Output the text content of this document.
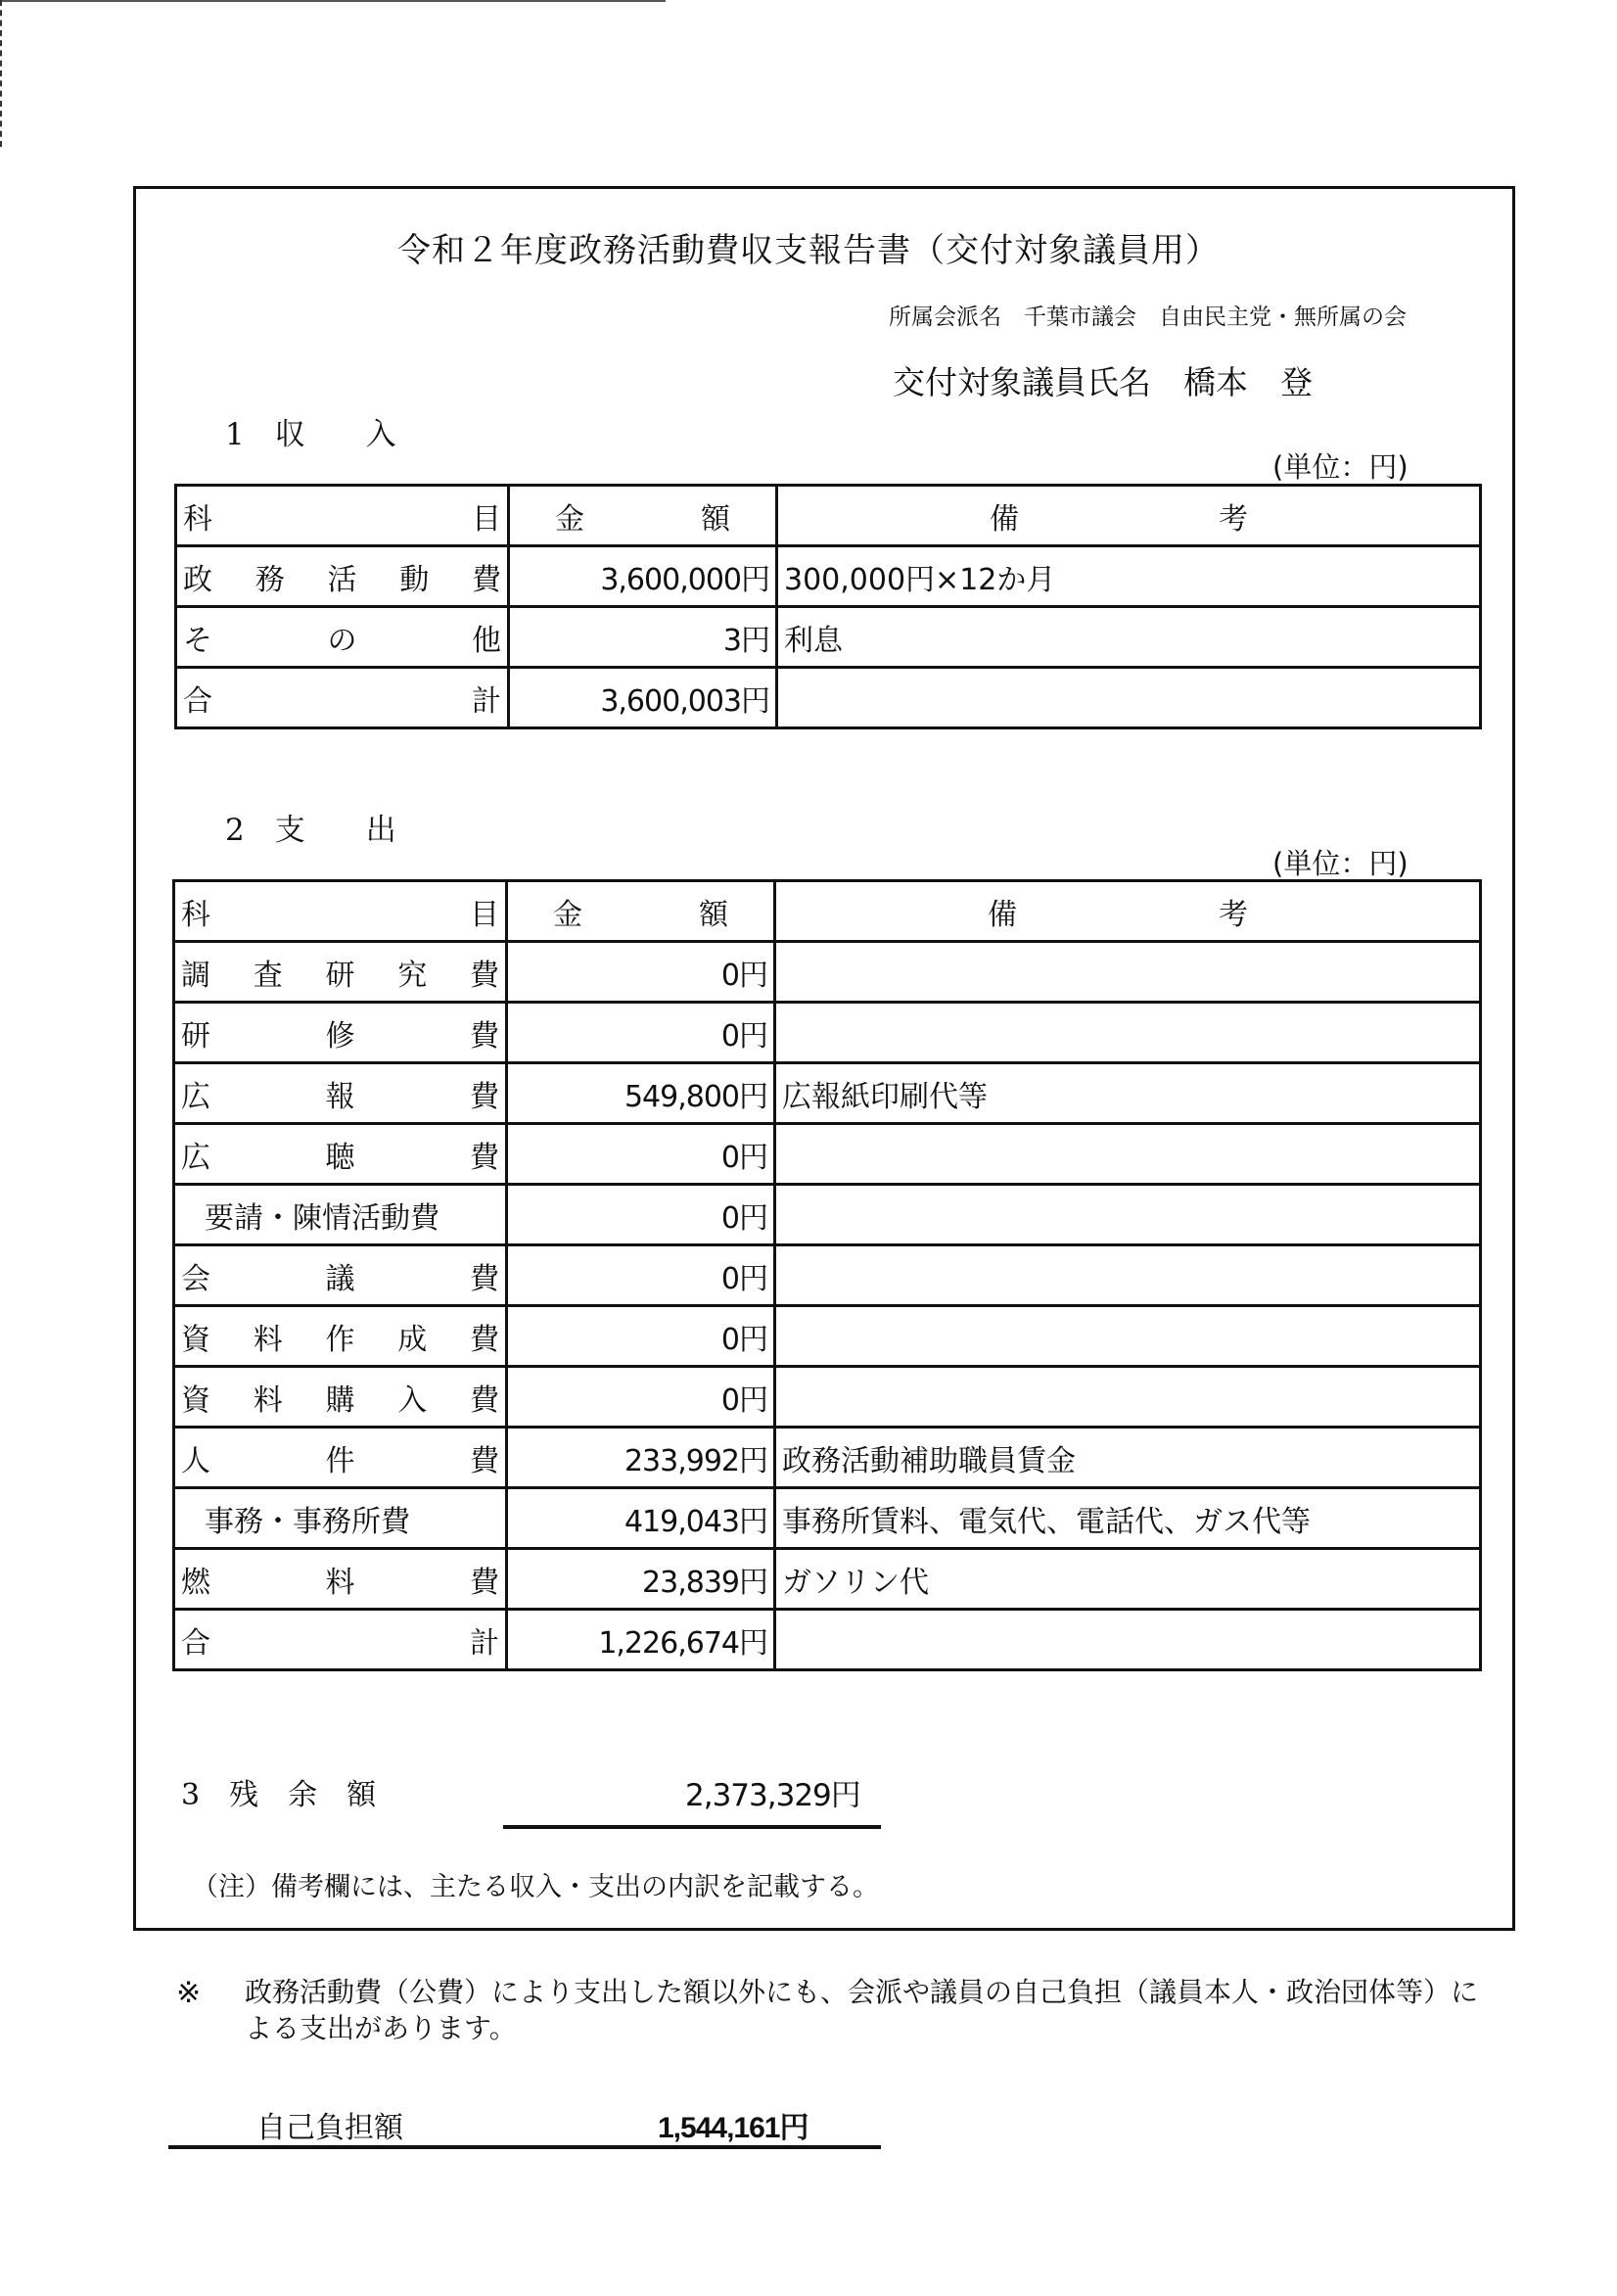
令和２年度政務活動費収支報告書（交付対象議員用）
所属会派名　 千葉市議会　 自由民主党・無所属の会
交付対象議員氏名　 橋本　登
1　 収　　入
(単位：円)
科 目	金 額	備 考

政 務 活 動 費	3,600,000円	300,000円×12か月

そ の 他	3円	利息

合 計	3,600,003円	
2　 支　　出
(単位：円)
科 目	金 額	備 考

調 査 研 究 費	0円	

研 修 費	0円	

広 報 費	549,800円	広報紙印刷代等

広 聴 費	0円	
要請・陳情活動費	0円	

会 議 費	0円	

資 料 作 成 費	0円	

資 料 購 入 費	0円	

人 件 費	233,992円	政務活動補助職員賃金
事務・事務所費	419,043円	事務所賃料、電気代、電話代、ガス代等

燃 料 費	23,839円	ガソリン代

合 計	1,226,674円	
3　残　余　額	2,373,329円
（注）備考欄には、主たる収入・支出の内訳を記載する。
※ 政務活動費（公費）により支出した額以外にも、会派や議員の自己負担（議員本人・政治団体等）による支出があります。
自己負担額	1,544,161円
